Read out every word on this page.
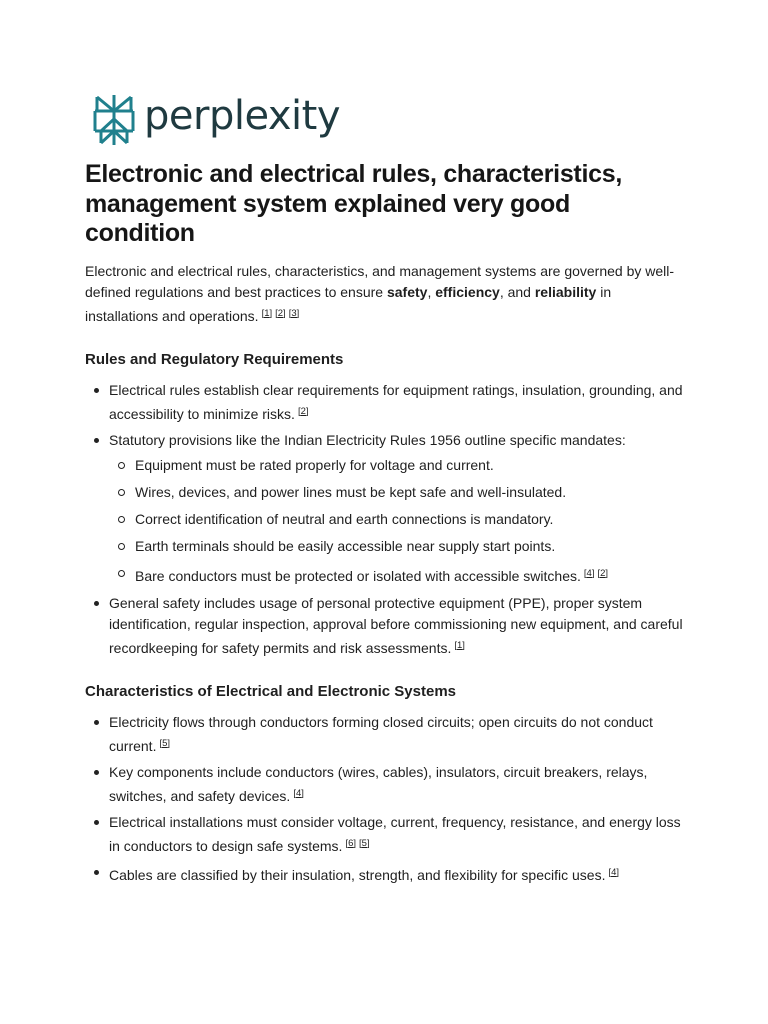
perplexity
Electronic and electrical rules, characteristics, management system explained very good condition

Electronic and electrical rules, characteristics, and management systems are governed by well-defined regulations and best practices to ensure safety, efficiency, and reliability in installations and operations. [1] [2] [3]

Rules and Regulatory Requirements
Electrical rules establish clear requirements for equipment ratings, insulation, grounding, and accessibility to minimize risks. [2]
Statutory provisions like the Indian Electricity Rules 1956 outline specific mandates:
Equipment must be rated properly for voltage and current.
Wires, devices, and power lines must be kept safe and well-insulated.
Correct identification of neutral and earth connections is mandatory.
Earth terminals should be easily accessible near supply start points.
Bare conductors must be protected or isolated with accessible switches. [4] [2]
General safety includes usage of personal protective equipment (PPE), proper system identification, regular inspection, approval before commissioning new equipment, and careful recordkeeping for safety permits and risk assessments. [1]
Characteristics of Electrical and Electronic Systems
Electricity flows through conductors forming closed circuits; open circuits do not conduct current. [5]
Key components include conductors (wires, cables), insulators, circuit breakers, relays, switches, and safety devices. [4]
Electrical installations must consider voltage, current, frequency, resistance, and energy loss in conductors to design safe systems. [6] [5]
Cables are classified by their insulation, strength, and flexibility for specific uses. [4]
